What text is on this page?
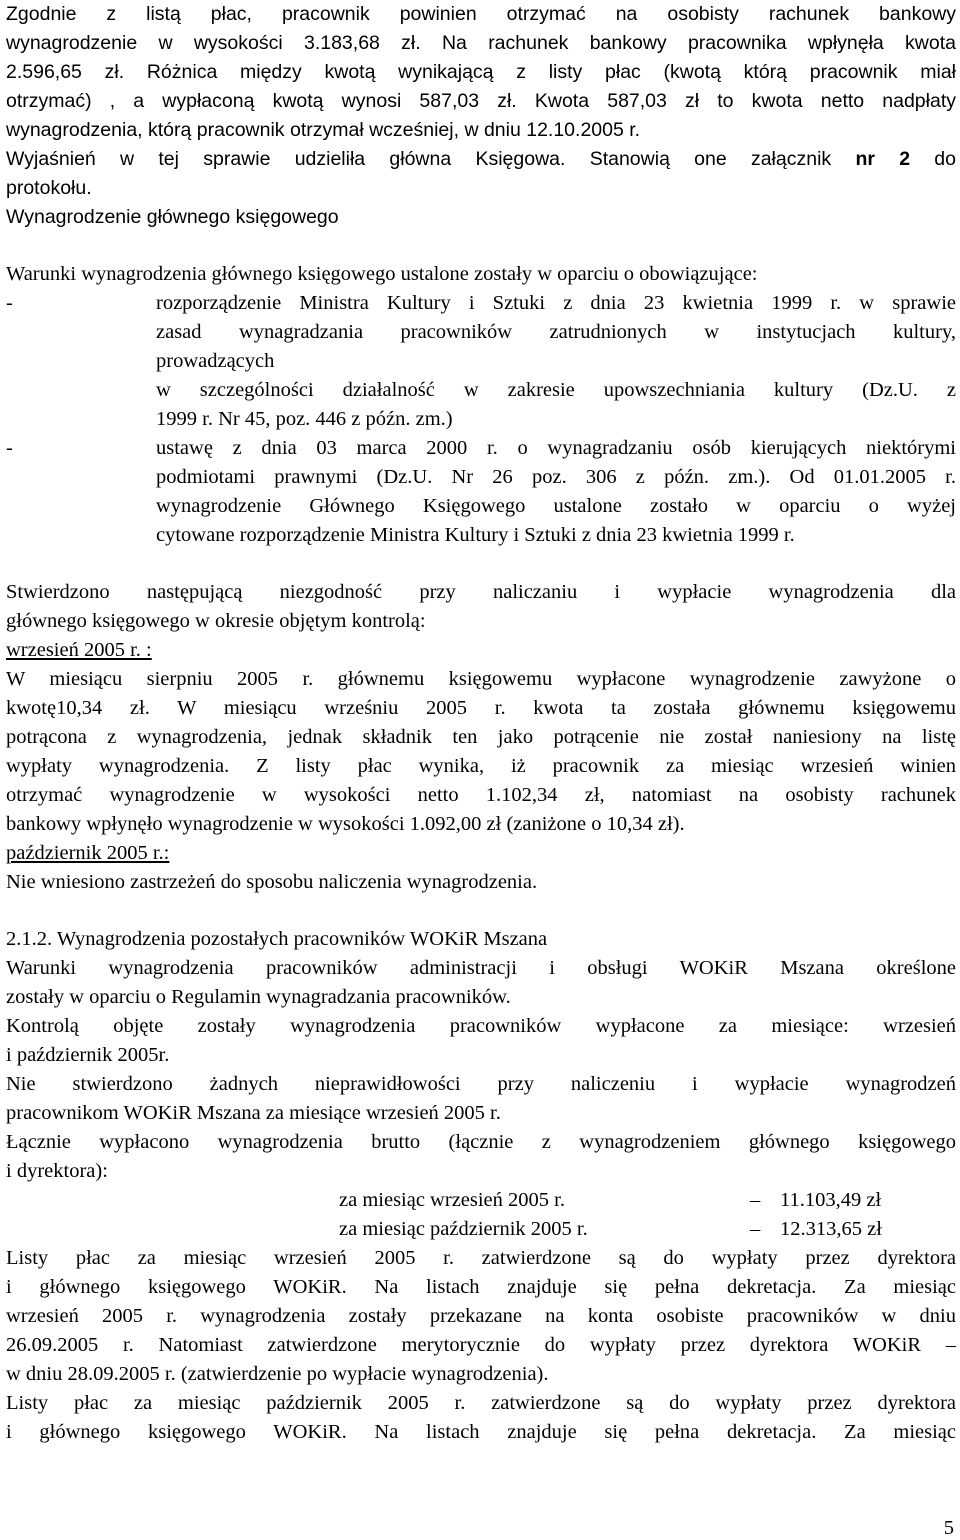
Zgodnie z listą płac, pracownik powinien otrzymać na osobisty rachunek bankowy
wynagrodzenie w wysokości 3.183,68 zł. Na rachunek bankowy pracownika wpłynęła kwota
2.596,65 zł. Różnica między kwotą wynikającą z listy płac (kwotą którą pracownik miał
otrzymać) , a wypłaconą kwotą wynosi 587,03 zł. Kwota 587,03 zł to kwota netto nadpłaty
wynagrodzenia, którą pracownik otrzymał wcześniej, w dniu 12.10.2005 r.
Wyjaśnień w tej sprawie udzieliła główna Księgowa. Stanowią one załącznik nr 2 do
protokołu.
Wynagrodzenie głównego księgowego
Warunki wynagrodzenia głównego księgowego ustalone zostały w oparciu o obowiązujące:
-	rozporządzenie Ministra Kultury i Sztuki z dnia 23 kwietnia 1999 r. w sprawie
zasad wynagradzania pracowników zatrudnionych w instytucjach kultury,
prowadzących
w szczególności działalność w zakresie upowszechniania kultury (Dz.U. z
1999 r. Nr 45, poz. 446 z późn. zm.)
-	ustawę z dnia 03 marca 2000 r. o wynagradzaniu osób kierujących niektórymi
podmiotami prawnymi (Dz.U. Nr 26 poz. 306 z późn. zm.). Od 01.01.2005 r.
wynagrodzenie Głównego Księgowego ustalone zostało w oparciu o wyżej
cytowane rozporządzenie Ministra Kultury i Sztuki z dnia 23 kwietnia 1999 r.
Stwierdzono następującą niezgodność przy naliczaniu i wypłacie wynagrodzenia dla
głównego księgowego w okresie objętym kontrolą:
wrzesień 2005 r. :
W miesiącu sierpniu 2005 r. głównemu księgowemu wypłacone wynagrodzenie zawyżone o
kwotę10,34 zł. W miesiącu wrześniu 2005 r. kwota ta została głównemu księgowemu
potrącona z wynagrodzenia, jednak składnik ten jako potrącenie nie został naniesiony na listę
wypłaty wynagrodzenia. Z listy płac wynika, iż pracownik za miesiąc wrzesień winien
otrzymać wynagrodzenie w wysokości netto 1.102,34 zł, natomiast na osobisty rachunek
bankowy wpłynęło wynagrodzenie w wysokości 1.092,00 zł (zaniżone o 10,34 zł).
październik 2005 r.:
Nie wniesiono zastrzeżeń do sposobu naliczenia wynagrodzenia.
2.1.2. Wynagrodzenia pozostałych pracowników WOKiR Mszana
Warunki wynagrodzenia pracowników administracji i obsługi WOKiR Mszana określone
zostały w oparciu o Regulamin wynagradzania pracowników.
Kontrolą objęte zostały wynagrodzenia pracowników wypłacone za miesiące: wrzesień
i październik 2005r.
Nie stwierdzono żadnych nieprawidłowości przy naliczeniu i wypłacie wynagrodzeń
pracownikom WOKiR Mszana za miesiące wrzesień 2005 r.
Łącznie wypłacono wynagrodzenia brutto (łącznie z wynagrodzeniem głównego księgowego
i dyrektora):
za miesiąc wrzesień 2005 r.	– 11.103,49 zł
za miesiąc październik 2005 r.	– 12.313,65 zł
Listy płac za miesiąc wrzesień 2005 r. zatwierdzone są do wypłaty przez dyrektora
i głównego księgowego WOKiR. Na listach znajduje się pełna dekretacja. Za miesiąc
wrzesień 2005 r. wynagrodzenia zostały przekazane na konta osobiste pracowników w dniu
26.09.2005 r. Natomiast zatwierdzone merytorycznie do wypłaty przez dyrektora WOKiR –
w dniu 28.09.2005 r. (zatwierdzenie po wypłacie wynagrodzenia).
Listy płac za miesiąc październik 2005 r. zatwierdzone są do wypłaty przez dyrektora
i głównego księgowego WOKiR. Na listach znajduje się pełna dekretacja. Za miesiąc
5
